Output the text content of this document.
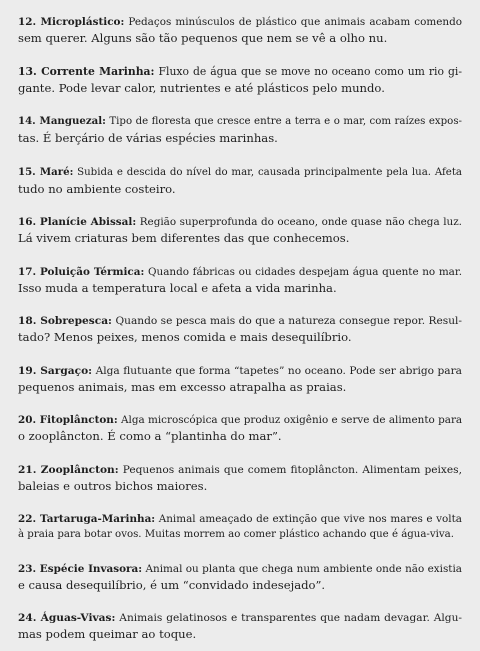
12. Microplástico: Pedaços minúsculos de plástico que animais acabam comendo
sem querer. Alguns são tão pequenos que nem se vê a olho nu.
13. Corrente Marinha: Fluxo de água que se move no oceano como um rio gi-
gante. Pode levar calor, nutrientes e até plásticos pelo mundo.
14. Manguezal: Tipo de floresta que cresce entre a terra e o mar, com raízes expos-
tas. É berçário de várias espécies marinhas.
15. Maré: Subida e descida do nível do mar, causada principalmente pela lua. Afeta
tudo no ambiente costeiro.
16. Planície Abissal: Região superprofunda do oceano, onde quase não chega luz.
Lá vivem criaturas bem diferentes das que conhecemos.
17. Poluição Térmica: Quando fábricas ou cidades despejam água quente no mar.
Isso muda a temperatura local e afeta a vida marinha.
18. Sobrepesca: Quando se pesca mais do que a natureza consegue repor. Resul-
tado? Menos peixes, menos comida e mais desequilíbrio.
19. Sargaço: Alga flutuante que forma “tapetes” no oceano. Pode ser abrigo para
pequenos animais, mas em excesso atrapalha as praias.
20. Fitoplâncton: Alga microscópica que produz oxigênio e serve de alimento para
o zooplâncton. É como a “plantinha do mar”.
21. Zooplâncton: Pequenos animais que comem fitoplâncton. Alimentam peixes,
baleias e outros bichos maiores.
22. Tartaruga-Marinha: Animal ameaçado de extinção que vive nos mares e volta
à praia para botar ovos. Muitas morrem ao comer plástico achando que é água-viva.
23. Espécie Invasora: Animal ou planta que chega num ambiente onde não existia
e causa desequilíbrio, é um “convidado indesejado”.
24. Águas-Vivas: Animais gelatinosos e transparentes que nadam devagar. Algu-
mas podem queimar ao toque.
